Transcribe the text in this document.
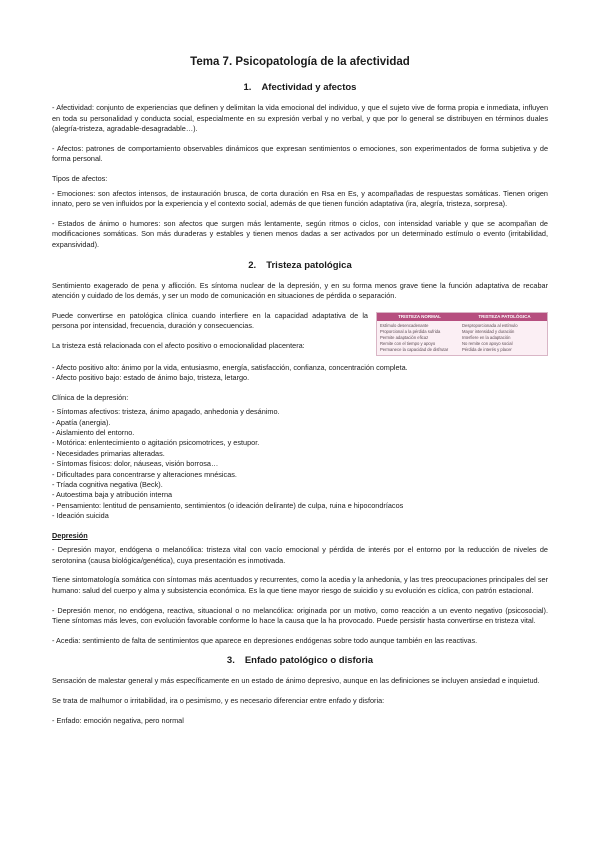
Tema 7. Psicopatología de la afectividad
1. Afectividad y afectos

- Afectividad: conjunto de experiencias que definen y delimitan la vida emocional del individuo, y que el sujeto vive de forma propia e inmediata, influyen en toda su personalidad y conducta social, especialmente en su expresión verbal y no verbal, y que por lo general se distribuyen en términos duales (alegría-tristeza, agradable-desagradable…).

- Afectos: patrones de comportamiento observables dinámicos que expresan sentimientos o emociones, son experimentados de forma subjetiva y de forma personal.

Tipos de afectos:

- Emociones: son afectos intensos, de instauración brusca, de corta duración en Rsa en Es, y acompañadas de respuestas somáticas. Tienen origen innato, pero se ven influidos por la experiencia y el contexto social, además de que tienen función adaptativa (ira, alegría, tristeza, sorpresa).

- Estados de ánimo o humores: son afectos que surgen más lentamente, según ritmos o ciclos, con intensidad variable y que se acompañan de modificaciones somáticas. Son más duraderas y estables y tienen menos dadas a ser activados por un determinado estímulo o evento (irritabilidad, expansividad).

2. Tristeza patológica

Sentimiento exagerado de pena y aflicción. Es síntoma nuclear de la depresión, y en su forma menos grave tiene la función adaptativa de recabar atención y cuidado de los demás, y ser un modo de comunicación en situaciones de pérdida o separación.

Puede convertirse en patológica clínica cuando interfiere en la capacidad adaptativa de la persona por intensidad, frecuencia, duración y consecuencias.

La tristeza está relacionada con el afecto positivo o emocionalidad placentera:

TRISTEZA NORMAL	TRISTEZA PATOLÓGICA
Estímulo desencadenante
Proporcional a la pérdida sufrida
Permite adaptación eficaz
Remite con el tiempo y apoyo
Permanece la capacidad de disfrutar
Desproporcionada al estímulo
Mayor intensidad y duración
Interfiere en la adaptación
No remite con apoyo social
Pérdida de interés y placer
- Afecto positivo alto: ánimo por la vida, entusiasmo, energía, satisfacción, confianza, concentración completa.
- Afecto positivo bajo: estado de ánimo bajo, tristeza, letargo.

Clínica de la depresión:

- Síntomas afectivos: tristeza, ánimo apagado, anhedonia y desánimo.
- Apatía (anergia).
- Aislamiento del entorno.
- Motórica: enlentecimiento o agitación psicomotrices, y estupor.
- Necesidades primarias alteradas.
- Síntomas físicos: dolor, náuseas, visión borrosa…
- Dificultades para concentrarse y alteraciones mnésicas.
- Tríada cognitiva negativa (Beck).
- Autoestima baja y atribución interna
- Pensamiento: lentitud de pensamiento, sentimientos (o ideación delirante) de culpa, ruina e hipocondríacos
- Ideación suicida

Depresión

- Depresión mayor, endógena o melancólica: tristeza vital con vacío emocional y pérdida de interés por el entorno por la reducción de niveles de serotonina (causa biológica/genética), cuya presentación es inmotivada.

Tiene sintomatología somática con síntomas más acentuados y recurrentes, como la acedia y la anhedonia, y las tres preocupaciones principales del ser humano: salud del cuerpo y alma y subsistencia económica. Es la que tiene mayor riesgo de suicidio y su evolución es cíclica, con patrón estacional.

- Depresión menor, no endógena, reactiva, situacional o no melancólica: originada por un motivo, como reacción a un evento negativo (psicosocial). Tiene síntomas más leves, con evolución favorable conforme lo hace la causa que la ha provocado. Puede persistir hasta convertirse en tristeza vital.

- Acedia: sentimiento de falta de sentimientos que aparece en depresiones endógenas sobre todo aunque también en las reactivas.

3. Enfado patológico o disforia

Sensación de malestar general y más específicamente en un estado de ánimo depresivo, aunque en las definiciones se incluyen ansiedad e inquietud.

Se trata de malhumor o irritabilidad, ira o pesimismo, y es necesario diferenciar entre enfado y disforia:

- Enfado: emoción negativa, pero normal
